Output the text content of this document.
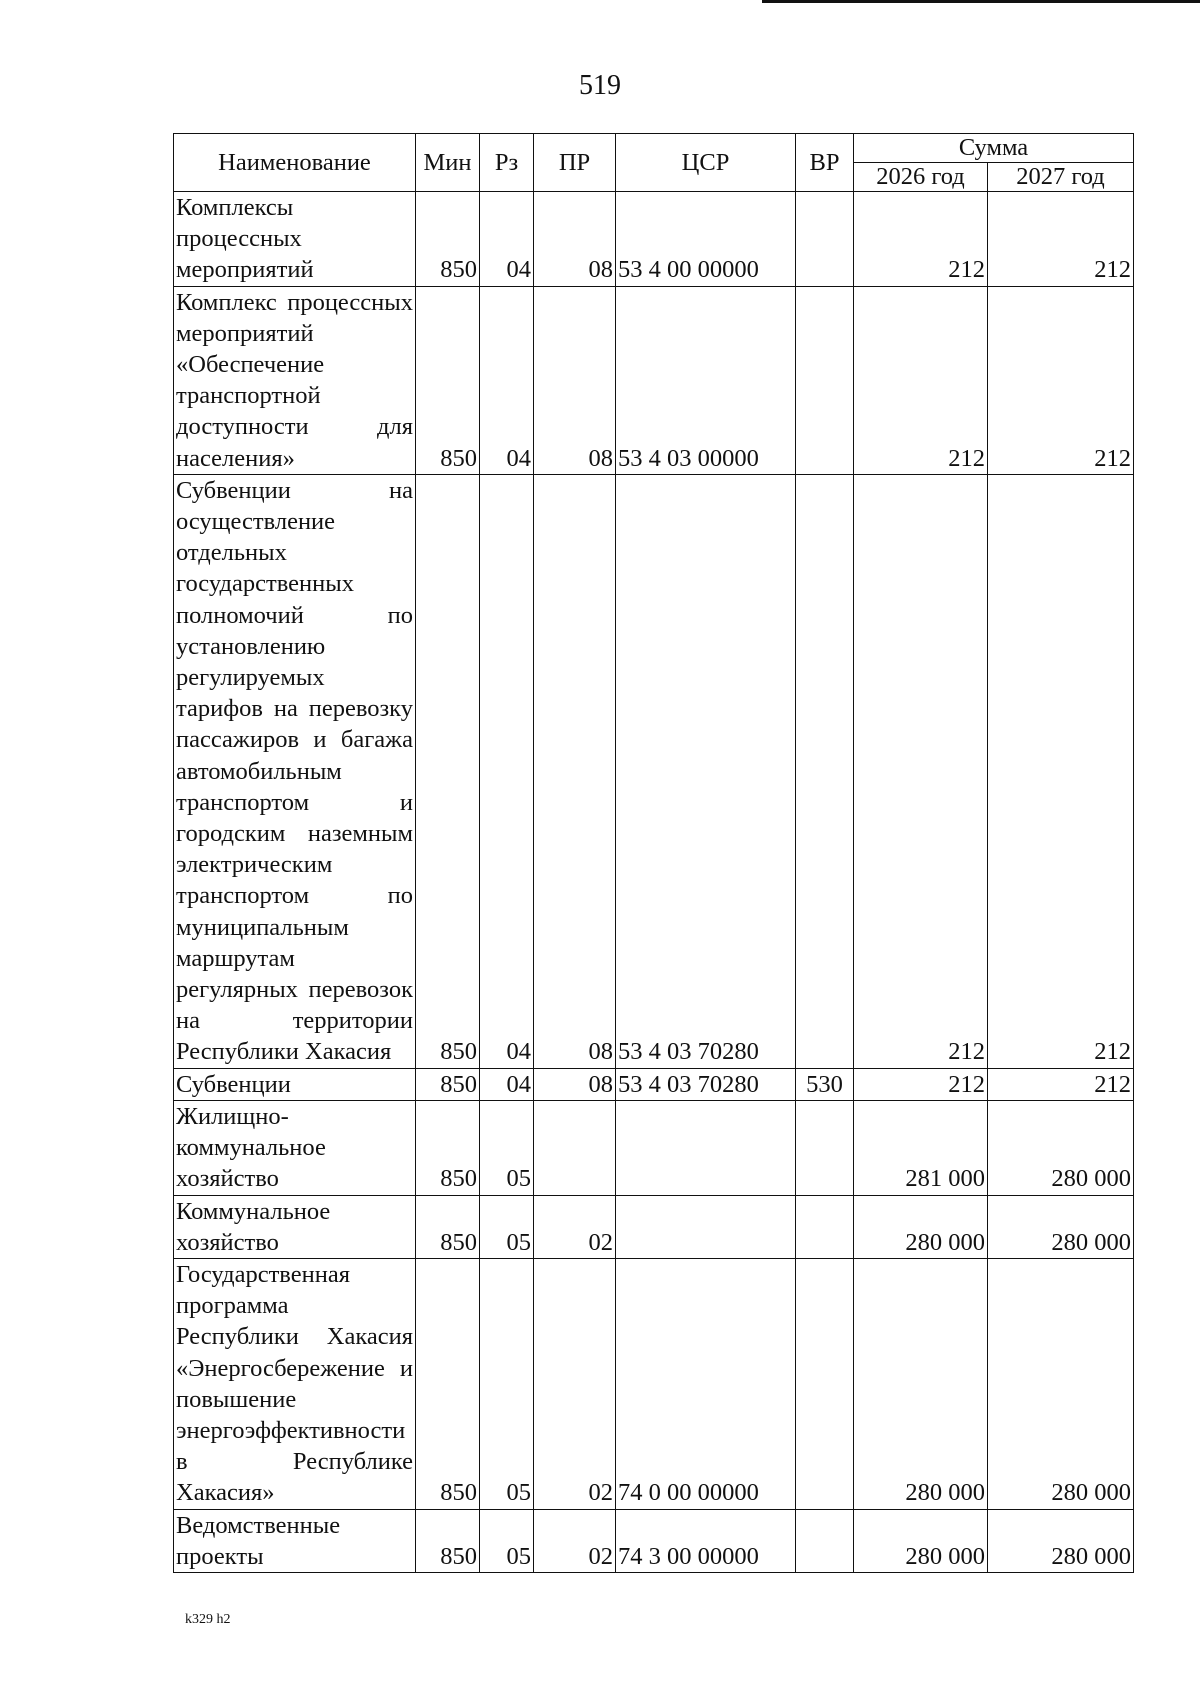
519
Наименование	Мин	Рз	ПР	ЦСР	ВР	Сумма	
						2026 год	2027 год
Комплексы процессных мероприятий	850	04	08	53 4 00 00000		212	212
Комплекс процессных мероприятий «Обеспечение транспортной доступности для населения»	850	04	08	53 4 03 00000		212	212
Субвенции на осуществление отдельных государственных полномочий по установлению регулируемых тарифов на перевозку пассажиров и багажа автомобильным транспортом и городским наземным электрическим транспортом по муниципальным маршрутам регулярных перевозок на территории Республики Хакасия	850	04	08	53 4 03 70280		212	212
Субвенции	850	04	08	53 4 03 70280	530	212	212
Жилищно-коммунальное хозяйство	850	05				281 000	280 000
Коммунальное хозяйство	850	05	02			280 000	280 000
Государственная программа Республики Хакасия «Энергосбережение и повышение энергоэффективности в Республике Хакасия»	850	05	02	74 0 00 00000		280 000	280 000
Ведомственные проекты	850	05	02	74 3 00 00000		280 000	280 000
k329 h2
